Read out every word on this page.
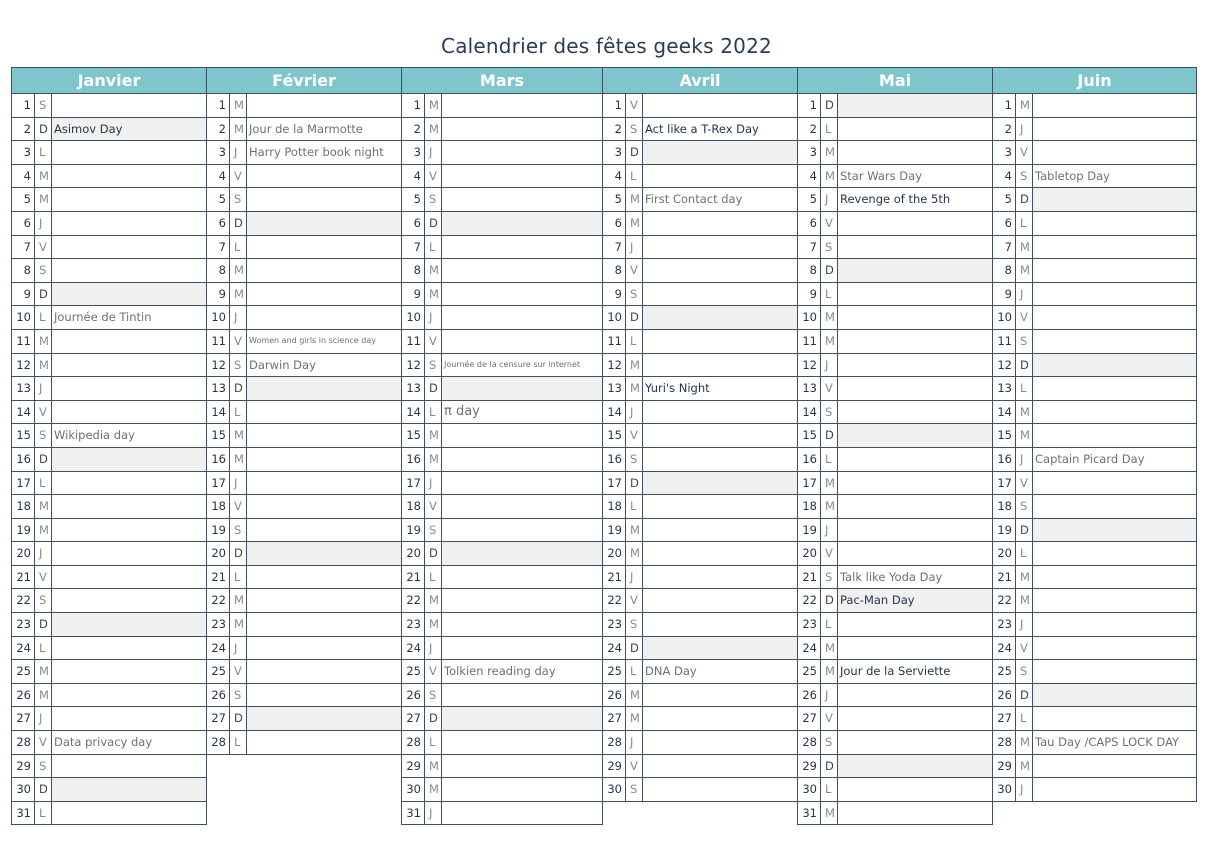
Calendrier des fêtes geeks 2022
Janvier
1 S
2 D Asimov Day
3 L
4 M
5 M
6 J
7 V
8 S
9 D
10 L Journée de Tintin
11 M
12 M
13 J
14 V
15 S Wikipedia day
16 D
17 L
18 M
19 M
20 J
21 V
22 S
23 D
24 L
25 M
26 M
27 J
28 V Data privacy day
29 S
30 D
31 L
Février
1 M
2 M Jour de la Marmotte
3 J	Harry Potter book night
4 V
5 S
6 D
7 L
8 M
9 M
10 J
11 V Women and girls in science day
12 S Darwin Day
13 D
14 L
15 M
16 M
17 J
18 V
19 S
20 D
21 L
22 M
23 M
24 J
25 V
26 S
27 D
28 L
Mars
1 M
2 M
3 J
4 V
5 S
6 D
7 L
8 M
9 M
10 J
11 V
12 S Journée de la censure sur internet
13 D
14 L π day
15 M
16 M
17 J
18 V
19 S
20 D
21 L
22 M
23 M
24 J
25 V Tolkien reading day
26 S
27 D
28 L
29 M
30 M
31 J
Avril
1 V
2 S Act like a T-Rex Day
3 D
4 L
5 M First Contact day
6 M
7 J
8 V
9 S
10 D
11 L
12 M
13 M Yuri's Night
14 J
15 V
16 S
17 D
18 L
19 M
20 M
21 J
22 V
23 S
24 D
25 L DNA Day
26 M
27 M
28 J
29 V
30 S
Mai
1 D
2 L
3 M
4 M Star Wars Day
5 J	Revenge of the 5th
6 V
7 S
8 D
9 L
10 M
11 M
12 J
13 V
14 S
15 D
16 L
17 M
18 M
19 J
20 V
21 S Talk like Yoda Day
22 D Pac-Man Day
23 L
24 M
25 M Jour de la Serviette
26 J
27 V
28 S
29 D
30 L
31 M
Juin
1 M
2 J
3 V
4 S Tabletop Day
5 D
6 L
7 M
8 M
9 J
10 V
11 S
12 D
13 L
14 M
15 M
16 J	Captain Picard Day
17 V
18 S
19 D
20 L
21 M
22 M
23 J
24 V
25 S
26 D
27 L
28 M Tau Day /CAPS LOCK DAY
29 M
30 J
